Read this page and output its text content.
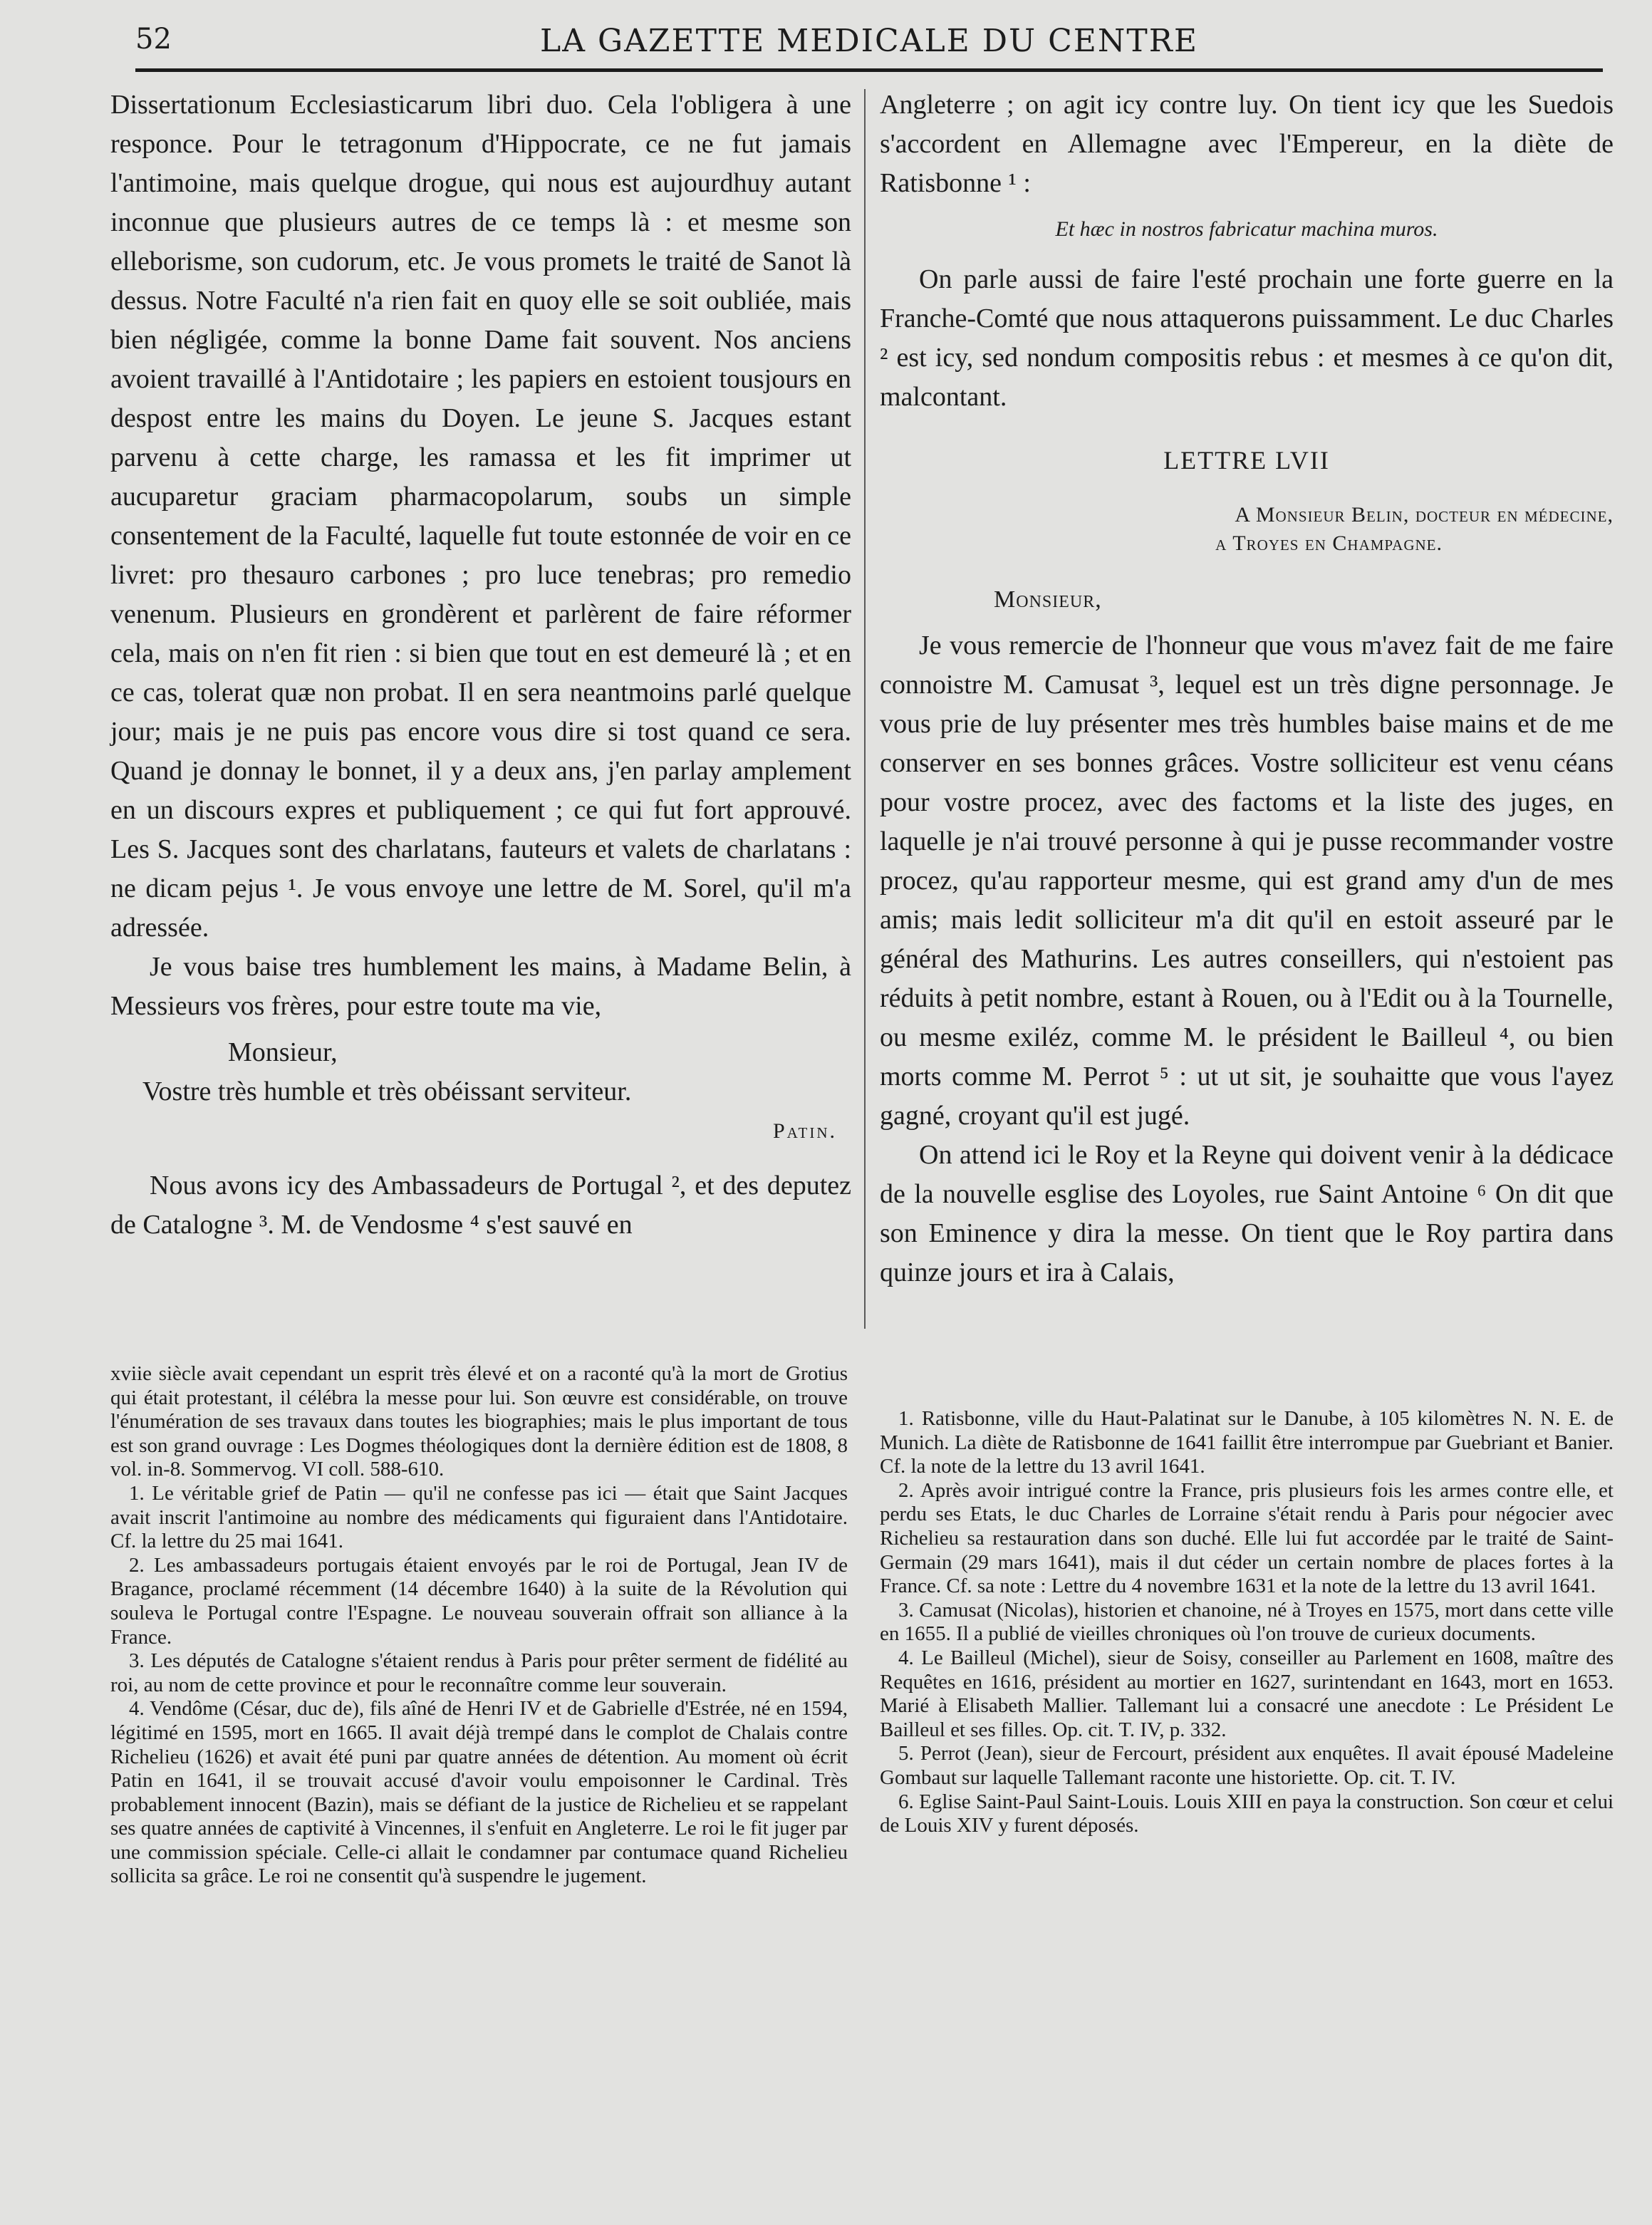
52	LA GAZETTE MEDICALE DU CENTRE

Dissertationum Ecclesiasticarum libri duo. Cela l'obligera à une responce. Pour le tetragonum d'Hippocrate, ce ne fut jamais l'antimoine, mais quelque drogue, qui nous est aujourdhuy autant inconnue que plusieurs autres de ce temps là : et mesme son elleborisme, son cudorum, etc. Je vous promets le traité de Sanot là dessus. Notre Faculté n'a rien fait en quoy elle se soit oubliée, mais bien négligée, comme la bonne Dame fait souvent. Nos anciens avoient travaillé à l'Antidotaire ; les papiers en estoient tousjours en despost entre les mains du Doyen. Le jeune S. Jacques estant parvenu à cette charge, les ramassa et les fit imprimer ut aucuparetur graciam pharmacopolarum, soubs un simple consentement de la Faculté, laquelle fut toute estonnée de voir en ce livret: pro thesauro carbones ; pro luce tenebras; pro remedio venenum. Plusieurs en grondèrent et parlèrent de faire réformer cela, mais on n'en fit rien : si bien que tout en est demeuré là ; et en ce cas, tolerat quæ non probat. Il en sera neantmoins parlé quelque jour; mais je ne puis pas encore vous dire si tost quand ce sera. Quand je donnay le bonnet, il y a deux ans, j'en parlay amplement en un discours expres et publiquement ; ce qui fut fort approuvé. Les S. Jacques sont des charlatans, fauteurs et valets de charlatans : ne dicam pejus ¹. Je vous envoye une lettre de M. Sorel, qu'il m'a adressée.

Je vous baise tres humblement les mains, à Madame Belin, à Messieurs vos frères, pour estre toute ma vie,

Monsieur,
Vostre très humble et très obéissant serviteur.
Patin.

Nous avons icy des Ambassadeurs de Portugal ², et des deputez de Catalogne ³. M. de Vendosme ⁴ s'est sauvé en

Angleterre ; on agit icy contre luy. On tient icy que les Suedois s'accordent en Allemagne avec l'Empereur, en la diète de Ratisbonne ¹ :

Et hæc in nostros fabricatur machina muros.

On parle aussi de faire l'esté prochain une forte guerre en la Franche-Comté que nous attaquerons puissamment. Le duc Charles ² est icy, sed nondum compositis rebus : et mesmes à ce qu'on dit, malcontant.

LETTRE LVII
A Monsieur Belin, docteur en médecine,
a Troyes en Champagne.
Monsieur,

Je vous remercie de l'honneur que vous m'avez fait de me faire connoistre M. Camusat ³, lequel est un très digne personnage. Je vous prie de luy présenter mes très humbles baise mains et de me conserver en ses bonnes grâces. Vostre solliciteur est venu céans pour vostre procez, avec des factoms et la liste des juges, en laquelle je n'ai trouvé personne à qui je pusse recommander vostre procez, qu'au rapporteur mesme, qui est grand amy d'un de mes amis; mais ledit solliciteur m'a dit qu'il en estoit asseuré par le général des Mathurins. Les autres conseillers, qui n'estoient pas réduits à petit nombre, estant à Rouen, ou à l'Edit ou à la Tournelle, ou mesme exiléz, comme M. le président le Bailleul ⁴, ou bien morts comme M. Perrot ⁵ : ut ut sit, je souhaitte que vous l'ayez gagné, croyant qu'il est jugé.

On attend ici le Roy et la Reyne qui doivent venir à la dédicace de la nouvelle esglise des Loyoles, rue Saint Antoine ⁶ On dit que son Eminence y dira la messe. On tient que le Roy partira dans quinze jours et ira à Calais,

xviie siècle avait cependant un esprit très élevé et on a raconté qu'à la mort de Grotius qui était protestant, il célébra la messe pour lui. Son œuvre est considérable, on trouve l'énumération de ses travaux dans toutes les biographies; mais le plus important de tous est son grand ouvrage : Les Dogmes théologiques dont la dernière édition est de 1808, 8 vol. in-8. Sommervog. VI coll. 588-610.

1. Le véritable grief de Patin — qu'il ne confesse pas ici — était que Saint Jacques avait inscrit l'antimoine au nombre des médicaments qui figuraient dans l'Antidotaire. Cf. la lettre du 25 mai 1641.

2. Les ambassadeurs portugais étaient envoyés par le roi de Portugal, Jean IV de Bragance, proclamé récemment (14 décembre 1640) à la suite de la Révolution qui souleva le Portugal contre l'Espagne. Le nouveau souverain offrait son alliance à la France.

3. Les députés de Catalogne s'étaient rendus à Paris pour prêter serment de fidélité au roi, au nom de cette province et pour le reconnaître comme leur souverain.

4. Vendôme (César, duc de), fils aîné de Henri IV et de Gabrielle d'Estrée, né en 1594, légitimé en 1595, mort en 1665. Il avait déjà trempé dans le complot de Chalais contre Richelieu (1626) et avait été puni par quatre années de détention. Au moment où écrit Patin en 1641, il se trouvait accusé d'avoir voulu empoisonner le Cardinal. Très probablement innocent (Bazin), mais se défiant de la justice de Richelieu et se rappelant ses quatre années de captivité à Vincennes, il s'enfuit en Angleterre. Le roi le fit juger par une commission spéciale. Celle-ci allait le condamner par contumace quand Richelieu sollicita sa grâce. Le roi ne consentit qu'à suspendre le jugement.

1. Ratisbonne, ville du Haut-Palatinat sur le Danube, à 105 kilomètres N. N. E. de Munich. La diète de Ratisbonne de 1641 faillit être interrompue par Guebriant et Banier. Cf. la note de la lettre du 13 avril 1641.

2. Après avoir intrigué contre la France, pris plusieurs fois les armes contre elle, et perdu ses Etats, le duc Charles de Lorraine s'était rendu à Paris pour négocier avec Richelieu sa restauration dans son duché. Elle lui fut accordée par le traité de Saint-Germain (29 mars 1641), mais il dut céder un certain nombre de places fortes à la France. Cf. sa note : Lettre du 4 novembre 1631 et la note de la lettre du 13 avril 1641.

3. Camusat (Nicolas), historien et chanoine, né à Troyes en 1575, mort dans cette ville en 1655. Il a publié de vieilles chroniques où l'on trouve de curieux documents.

4. Le Bailleul (Michel), sieur de Soisy, conseiller au Parlement en 1608, maître des Requêtes en 1616, président au mortier en 1627, surintendant en 1643, mort en 1653. Marié à Elisabeth Mallier. Tallemant lui a consacré une anecdote : Le Président Le Bailleul et ses filles. Op. cit. T. IV, p. 332.

5. Perrot (Jean), sieur de Fercourt, président aux enquêtes. Il avait épousé Madeleine Gombaut sur laquelle Tallemant raconte une historiette. Op. cit. T. IV.

6. Eglise Saint-Paul Saint-Louis. Louis XIII en paya la construction. Son cœur et celui de Louis XIV y furent déposés.
